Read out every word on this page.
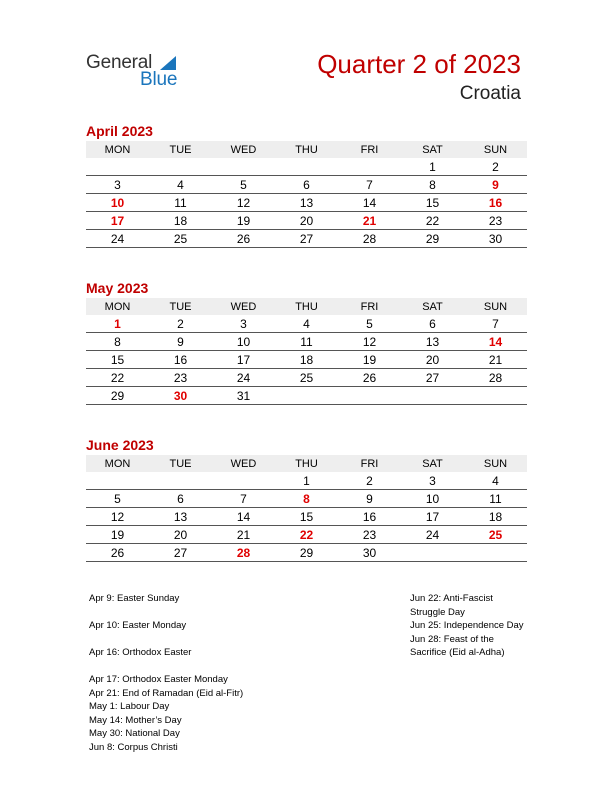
General
Blue
Quarter 2 of 2023
Croatia
April 2023
MON	TUE	WED	THU	FRI	SAT	SUN
					1	2
3	4	5	6	7	8	9
10	11	12	13	14	15	16
17	18	19	20	21	22	23
24	25	26	27	28	29	30
May 2023
MON	TUE	WED	THU	FRI	SAT	SUN
1	2	3	4	5	6	7
8	9	10	11	12	13	14
15	16	17	18	19	20	21
22	23	24	25	26	27	28
29	30	31				
June 2023
MON	TUE	WED	THU	FRI	SAT	SUN
			1	2	3	4
5	6	7	8	9	10	11
12	13	14	15	16	17	18
19	20	21	22	23	24	25
26	27	28	29	30		
Apr 9: Easter Sunday
Apr 10: Easter Monday
Apr 16: Orthodox Easter
Apr 17: Orthodox Easter Monday
Apr 21: End of Ramadan (Eid al-Fitr)
May 1: Labour Day
May 14: Mother’s Day
May 30: National Day
Jun 8: Corpus Christi
Jun 22: Anti-Fascist Struggle Day
Jun 25: Independence Day
Jun 28: Feast of the Sacrifice (Eid al-Adha)
